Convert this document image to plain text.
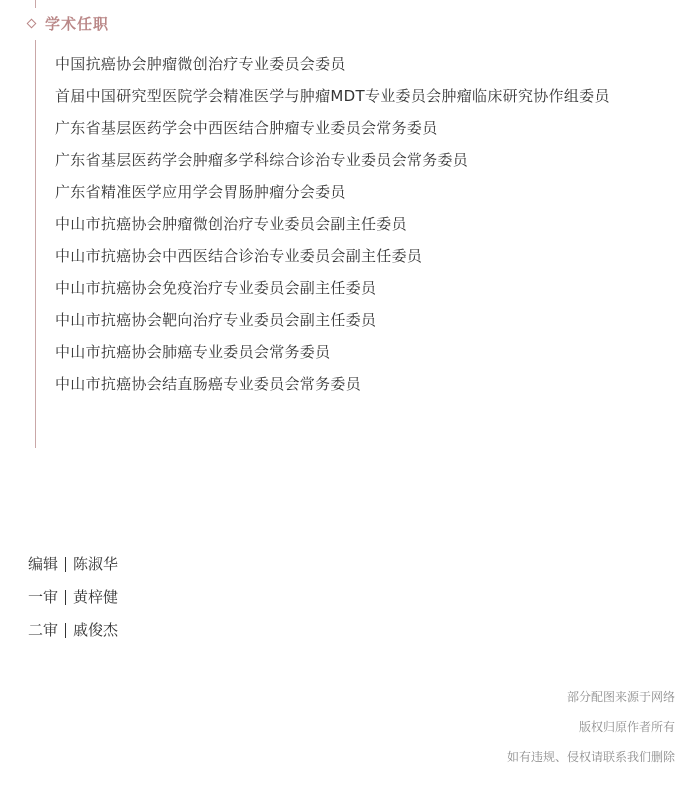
学术任职
中国抗癌协会肿瘤微创治疗专业委员会委员
首届中国研究型医院学会精准医学与肿瘤MDT专业委员会肿瘤临床研究协作组委员
广东省基层医药学会中西医结合肿瘤专业委员会常务委员
广东省基层医药学会肿瘤多学科综合诊治专业委员会常务委员
广东省精准医学应用学会胃肠肿瘤分会委员
中山市抗癌协会肿瘤微创治疗专业委员会副主任委员
中山市抗癌协会中西医结合诊治专业委员会副主任委员
中山市抗癌协会免疫治疗专业委员会副主任委员
中山市抗癌协会靶向治疗专业委员会副主任委员
中山市抗癌协会肺癌专业委员会常务委员
中山市抗癌协会结直肠癌专业委员会常务委员
编辑 陈淑华
一审 黄梓健
二审 戚俊杰
部分配图来源于网络
版权归原作者所有
如有违规、侵权请联系我们删除
